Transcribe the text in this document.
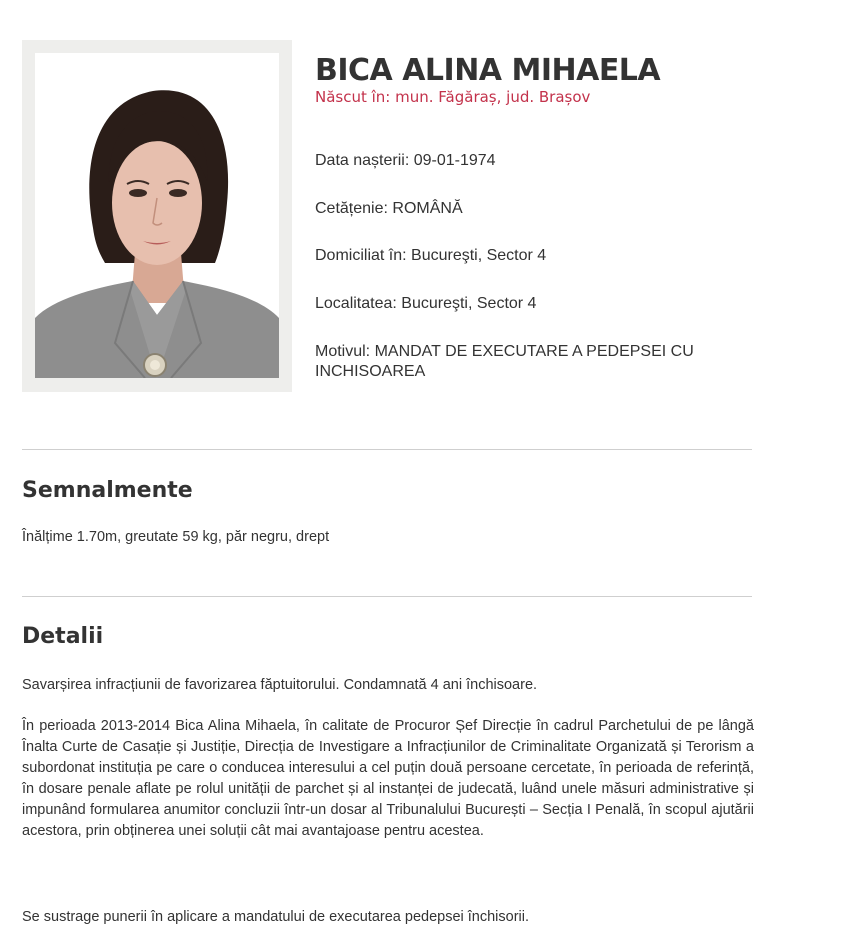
BICA ALINA MIHAELA
Născut în: mun. Făgăraș, jud. Brașov
Data nașterii: 09-01-1974
Cetățenie: ROMÂNĂ
Domiciliat în: Bucureşti, Sector 4
Localitatea: Bucureşti, Sector 4
Motivul: MANDAT DE EXECUTARE A PEDEPSEI CU INCHISOAREA
Semnalmente

Înălțime 1.70m, greutate 59 kg, păr negru, drept

Detalii

Savarșirea infracțiunii de favorizarea făptuitorului. Condamnată 4 ani închisoare.

În perioada 2013-2014 Bica Alina Mihaela, în calitate de Procuror Șef Direcție în cadrul Parchetului de pe lângă Înalta Curte de Casație și Justiție, Direcția de Investigare a Infracțiunilor de Criminalitate Organizată și Terorism a subordonat instituția pe care o conducea interesului a cel puțin două persoane cercetate, în perioada de referință, în dosare penale aflate pe rolul unității de parchet și al instanței de judecată, luând unele măsuri administrative și impunând formularea anumitor concluzii într-un dosar al Tribunalului București – Secția I Penală, în scopul ajutării acestora, prin obținerea unei soluții cât mai avantajoase pentru acestea.

Se sustrage punerii în aplicare a mandatului de executarea pedepsei închisorii.
